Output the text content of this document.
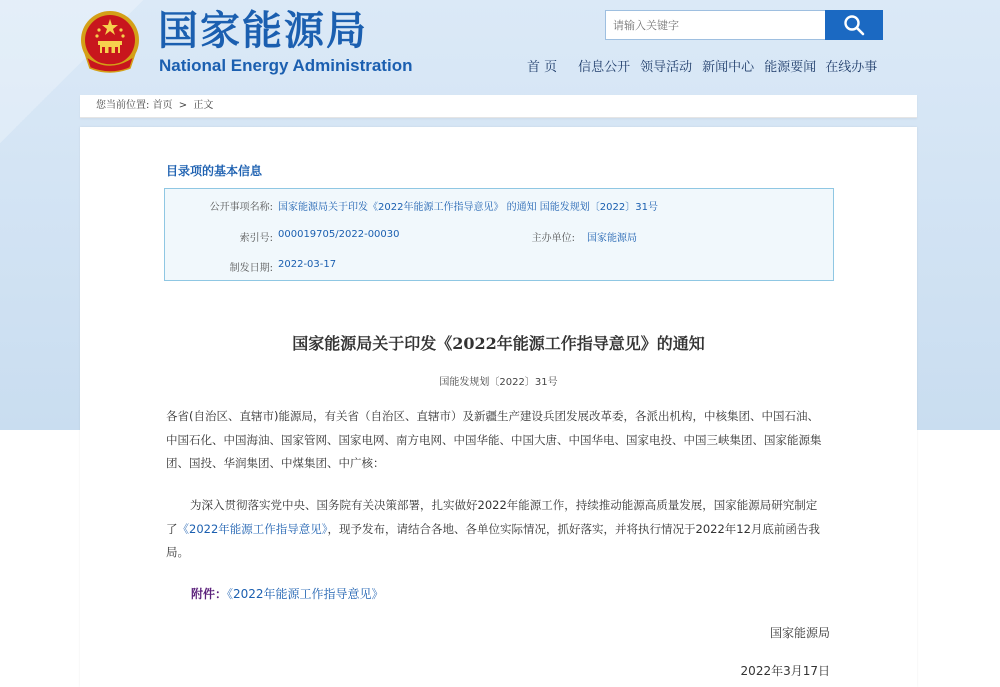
国家能源局
National Energy Administration
请输入关键字	首 页 信息公开 领导活动 新闻中心 能源要闻 在线办事
您当前位置: 首页 > 正文
目录项的基本信息
公开事项名称: 国家能源局关于印发《2022年能源工作指导意见》 的通知 国能发规划〔2022〕31号
索引号: 000019705/2022-00030	主办单位: 国家能源局
制发日期: 2022-03-17
国家能源局关于印发《2022年能源工作指导意见》的通知
国能发规划〔2022〕31号
各省(自治区、直辖市)能源局，有关省（自治区、直辖市）及新疆生产建设兵团发展改革委，各派出机构，中核集团、中国石油、中国石化、中国海油、国家管网、国家电网、南方电网、中国华能、中国大唐、中国华电、国家电投、中国三峡集团、国家能源集团、国投、华润集团、中煤集团、中广核：
为深入贯彻落实党中央、国务院有关决策部署，扎实做好2022年能源工作，持续推动能源高质量发展，国家能源局研究制定了《2022年能源工作指导意见》，现予发布，请结合各地、各单位实际情况，抓好落实，并将执行情况于2022年12月底前函告我局。
附件：《2022年能源工作指导意见》
国家能源局
2022年3月17日
